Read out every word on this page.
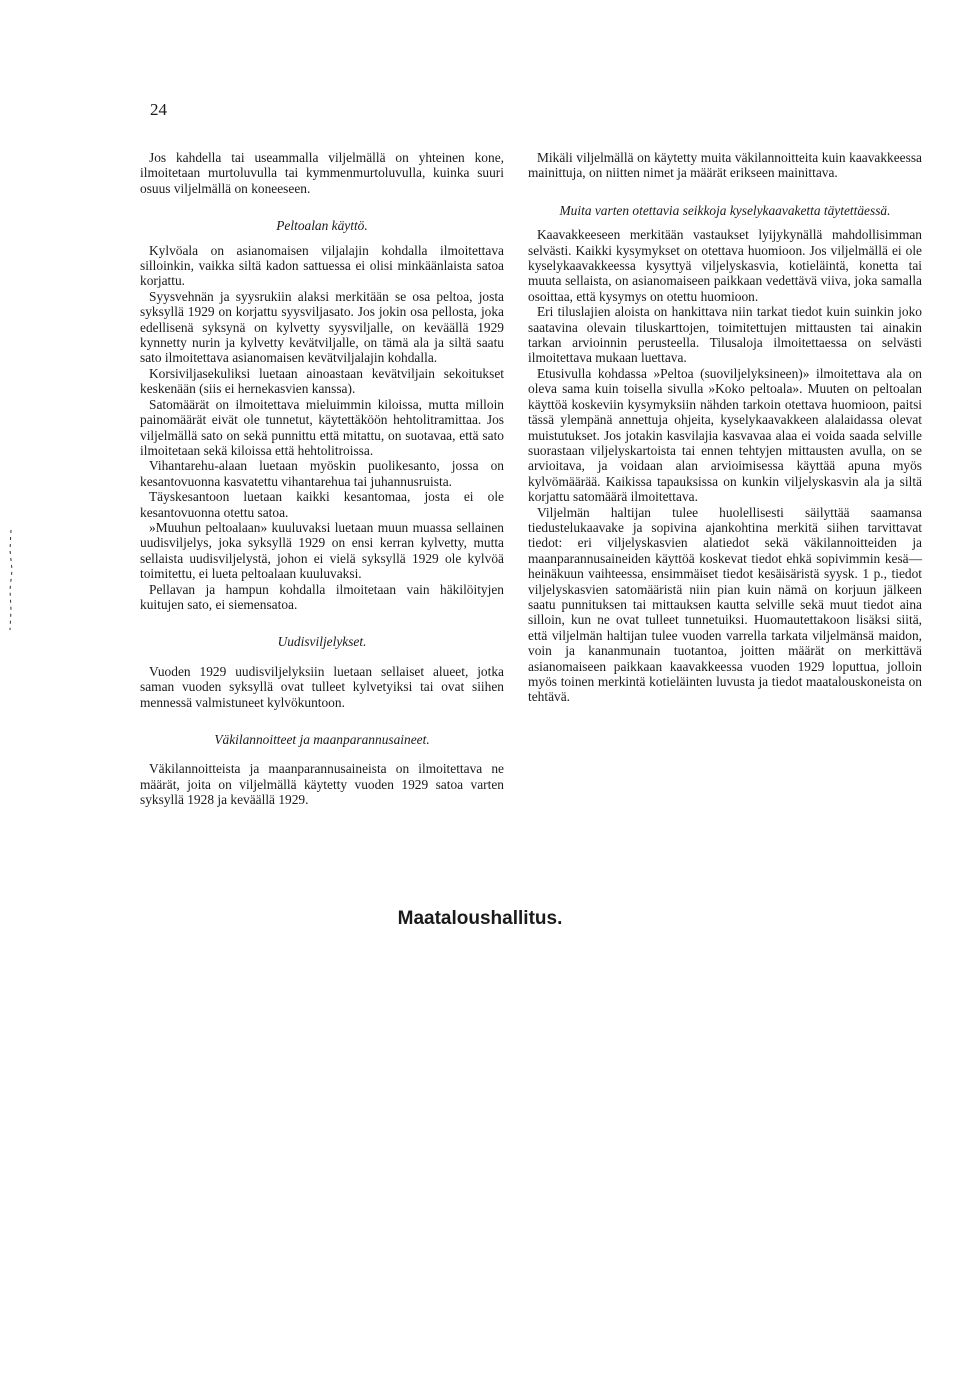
24

Jos kahdella tai useammalla viljelmällä on yhteinen kone, ilmoitetaan murtoluvulla tai kymmenmurtoluvulla, kuinka suuri osuus viljelmällä on koneeseen.

Peltoalan käyttö.

Kylvöala on asianomaisen viljalajin kohdalla ilmoitettava silloinkin, vaikka siltä kadon sattuessa ei olisi minkäänlaista satoa korjattu.

Syysvehnän ja syysrukiin alaksi merkitään se osa peltoa, josta syksyllä 1929 on korjattu syysviljasato. Jos jokin osa pellosta, joka edellisenä syksynä on kylvetty syysviljalle, on keväällä 1929 kynnetty nurin ja kylvetty kevätviljalle, on tämä ala ja siltä saatu sato ilmoitettava asianomaisen kevätviljalajin kohdalla.

Korsiviljasekuliksi luetaan ainoastaan kevätviljain sekoitukset keskenään (siis ei hernekasvien kanssa).

Satomäärät on ilmoitettava mieluimmin kiloissa, mutta milloin painomäärät eivät ole tunnetut, käytettäköön hehtolitramittaa. Jos viljelmällä sato on sekä punnittu että mitattu, on suotavaa, että sato ilmoitetaan sekä kiloissa että hehtolitroissa.

Vihantarehu-alaan luetaan myöskin puolikesanto, jossa on kesantovuonna kasvatettu vihantarehua tai juhannusruista.

Täyskesantoon luetaan kaikki kesantomaa, josta ei ole kesantovuonna otettu satoa.

»Muuhun peltoalaan» kuuluvaksi luetaan muun muassa sellainen uudisviljelys, joka syksyllä 1929 on ensi kerran kylvetty, mutta sellaista uudisviljelystä, johon ei vielä syksyllä 1929 ole kylvöä toimitettu, ei lueta peltoalaan kuuluvaksi.

Pellavan ja hampun kohdalla ilmoitetaan vain häkilöityjen kuitujen sato, ei siemensatoa.

Uudisviljelykset.

Vuoden 1929 uudisviljelyksiin luetaan sellaiset alueet, jotka saman vuoden syksyllä ovat tulleet kylvetyiksi tai ovat siihen mennessä valmistuneet kylvökuntoon.

Väkilannoitteet ja maanparannusaineet.

Väkilannoitteista ja maanparannusaineista on ilmoitettava ne määrät, joita on viljelmällä käytetty vuoden 1929 satoa varten syksyllä 1928 ja keväällä 1929.

Mikäli viljelmällä on käytetty muita väkilannoitteita kuin kaavakkeessa mainittuja, on niitten nimet ja määrät erikseen mainittava.

Muita varten otettavia seikkoja kyselykaavaketta täytettäessä.

Kaavakkeeseen merkitään vastaukset lyijykynällä mahdollisimman selvästi. Kaikki kysymykset on otettava huomioon. Jos viljelmällä ei ole kyselykaavakkeessa kysyttyä viljelyskasvia, kotieläintä, konetta tai muuta sellaista, on asianomaiseen paikkaan vedettävä viiva, joka samalla osoittaa, että kysymys on otettu huomioon.

Eri tiluslajien aloista on hankittava niin tarkat tiedot kuin suinkin joko saatavina olevain tiluskarttojen, toimitettujen mittausten tai ainakin tarkan arvioinnin perusteella. Tilusaloja ilmoitettaessa on selvästi ilmoitettava mukaan luettava.

Etusivulla kohdassa »Peltoa (suoviljelyksineen)» ilmoitettava ala on oleva sama kuin toisella sivulla »Koko peltoala». Muuten on peltoalan käyttöä koskeviin kysymyksiin nähden tarkoin otettava huomioon, paitsi tässä ylempänä annettuja ohjeita, kyselykaavakkeen alalaidassa olevat muistutukset. Jos jotakin kasvilajia kasvavaa alaa ei voida saada selville suorastaan viljelyskartoista tai ennen tehtyjen mittausten avulla, on se arvioitava, ja voidaan alan arvioimisessa käyttää apuna myös kylvömäärää. Kaikissa tapauksissa on kunkin viljelyskasvin ala ja siltä korjattu satomäärä ilmoitettava.

Viljelmän haltijan tulee huolellisesti säilyttää saamansa tiedustelukaavake ja sopivina ajankohtina merkitä siihen tarvittavat tiedot: eri viljelyskasvien alatiedot sekä väkilannoitteiden ja maanparannusaineiden käyttöä koskevat tiedot ehkä sopivimmin kesä—heinäkuun vaihteessa, ensimmäiset tiedot kesäisäristä syysk. 1 p., tiedot viljelyskasvien satomääristä niin pian kuin nämä on korjuun jälkeen saatu punnituksen tai mittauksen kautta selville sekä muut tiedot aina silloin, kun ne ovat tulleet tunnetuiksi. Huomautettakoon lisäksi siitä, että viljelmän haltijan tulee vuoden varrella tarkata viljelmänsä maidon, voin ja kananmunain tuotantoa, joitten määrät on merkittävä asianomaiseen paikkaan kaavakkeessa vuoden 1929 loputtua, jolloin myös toinen merkintä kotieläinten luvusta ja tiedot maatalouskoneista on tehtävä.

Maataloushallitus.
